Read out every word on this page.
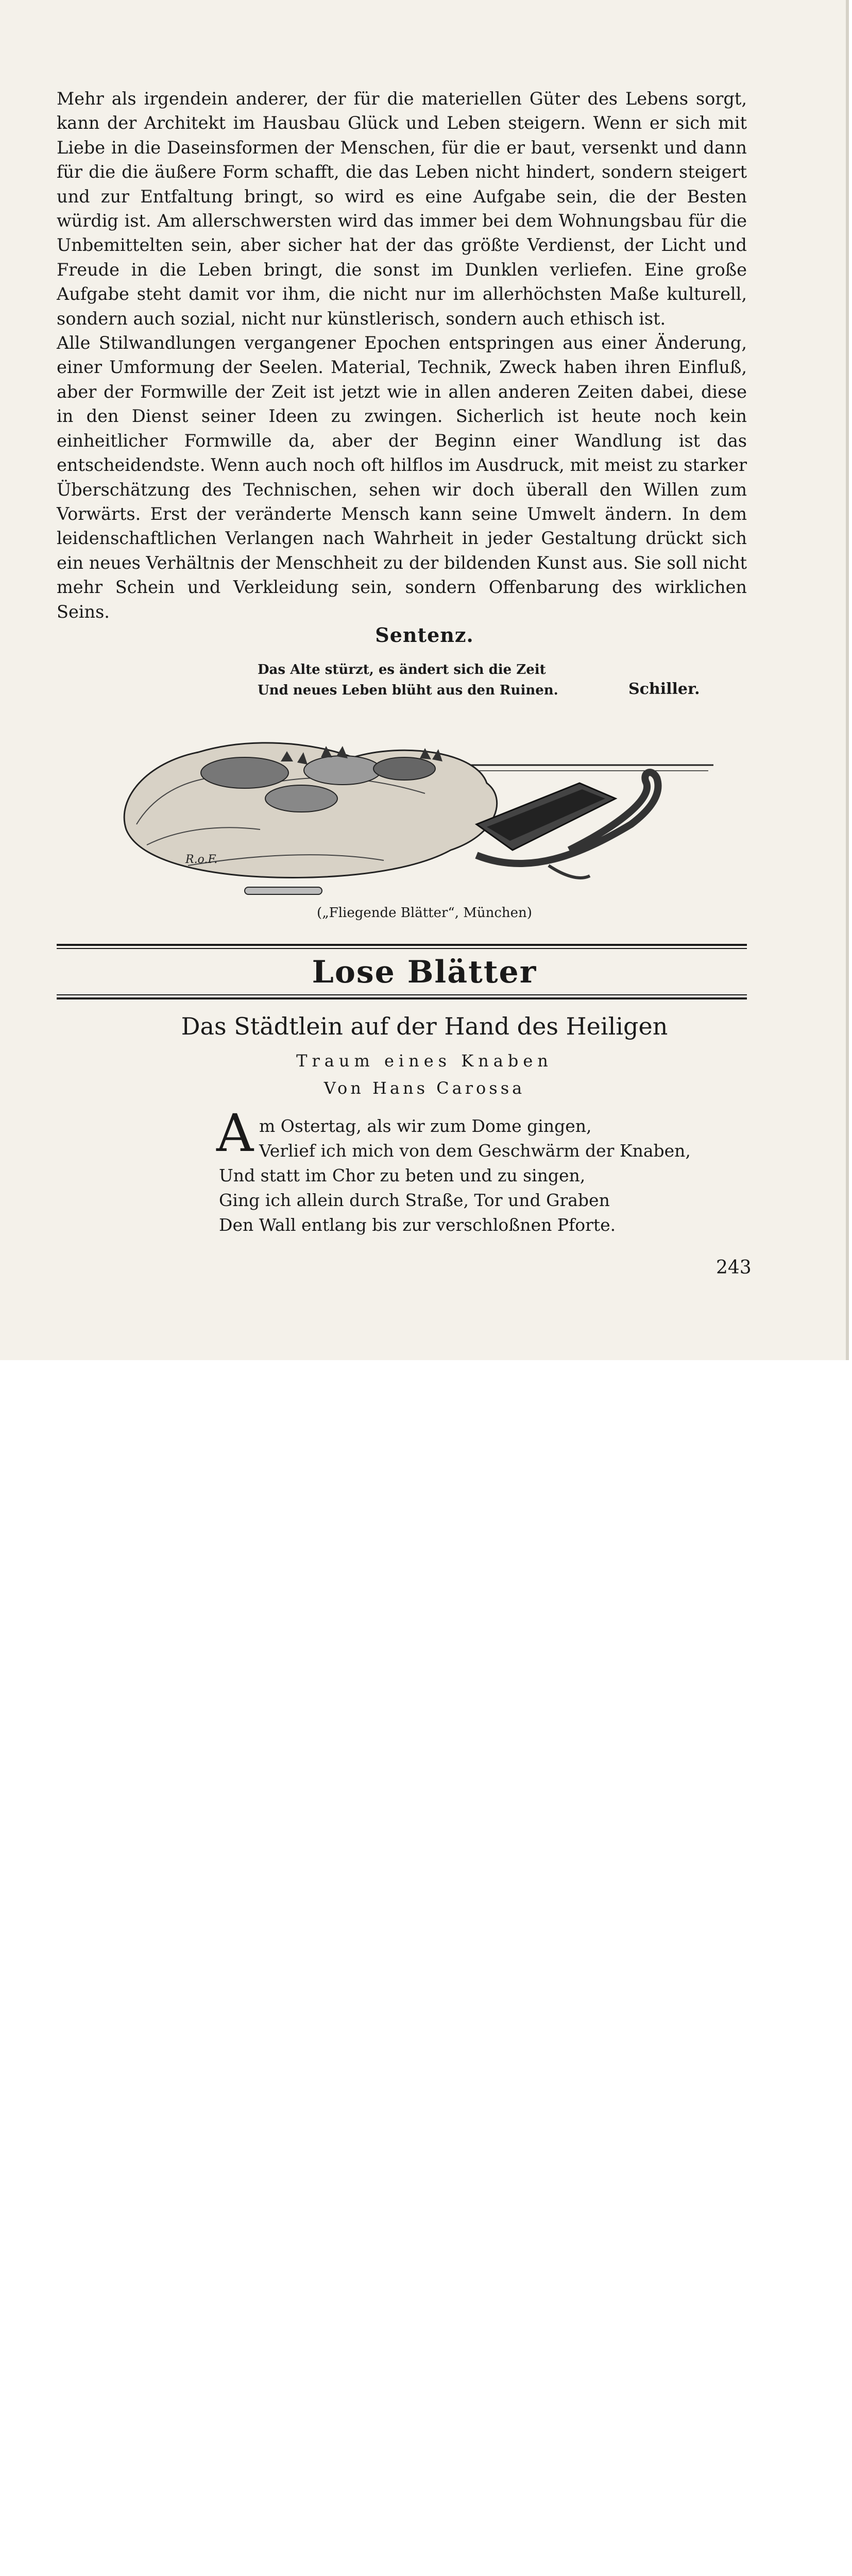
Mehr als irgendein anderer, der für die materiellen Güter des Lebens sorgt, kann der Architekt im Hausbau Glück und Leben steigern. Wenn er sich mit Liebe in die Daseinsformen der Menschen, für die er baut, versenkt und dann für die die äußere Form schafft, die das Leben nicht hindert, sondern steigert und zur Entfaltung bringt, so wird es eine Aufgabe sein, die der Besten würdig ist. Am allerschwersten wird das immer bei dem Wohnungsbau für die Unbemittelten sein, aber sicher hat der das größte Verdienst, der Licht und Freude in die Leben bringt, die sonst im Dunklen verliefen. Eine große Aufgabe steht damit vor ihm, die nicht nur im allerhöchsten Maße kulturell, sondern auch sozial, nicht nur künstlerisch, sondern auch ethisch ist.

Alle Stilwandlungen vergangener Epochen entspringen aus einer Änderung, einer Umformung der Seelen. Material, Technik, Zweck haben ihren Einfluß, aber der Formwille der Zeit ist jetzt wie in allen anderen Zeiten dabei, diese in den Dienst seiner Ideen zu zwingen. Sicherlich ist heute noch kein einheitlicher Formwille da, aber der Beginn einer Wandlung ist das entscheidendste. Wenn auch noch oft hilflos im Ausdruck, mit meist zu starker Überschätzung des Technischen, sehen wir doch überall den Willen zum Vorwärts. Erst der veränderte Mensch kann seine Umwelt ändern. In dem leidenschaftlichen Verlangen nach Wahrheit in jeder Gestaltung drückt sich ein neues Verhältnis der Menschheit zu der bildenden Kunst aus. Sie soll nicht mehr Schein und Verkleidung sein, sondern Offenbarung des wirklichen Seins.

Sentenz.
Das Alte stürzt, es ändert sich die Zeit
Und neues Leben blüht aus den Ruinen.	Schiller.
R.o.F.
(„Fliegende Blätter“, München)
Lose Blätter
Das Städtlein auf der Hand des Heiligen
Traum eines Knaben
Von Hans Carossa
A m Ostertag, als wir zum Dome gingen,
Verlief ich mich von dem Geschwärm der Knaben,
Und statt im Chor zu beten und zu singen,
Ging ich allein durch Straße, Tor und Graben
Den Wall entlang bis zur verschloßnen Pforte.
243
